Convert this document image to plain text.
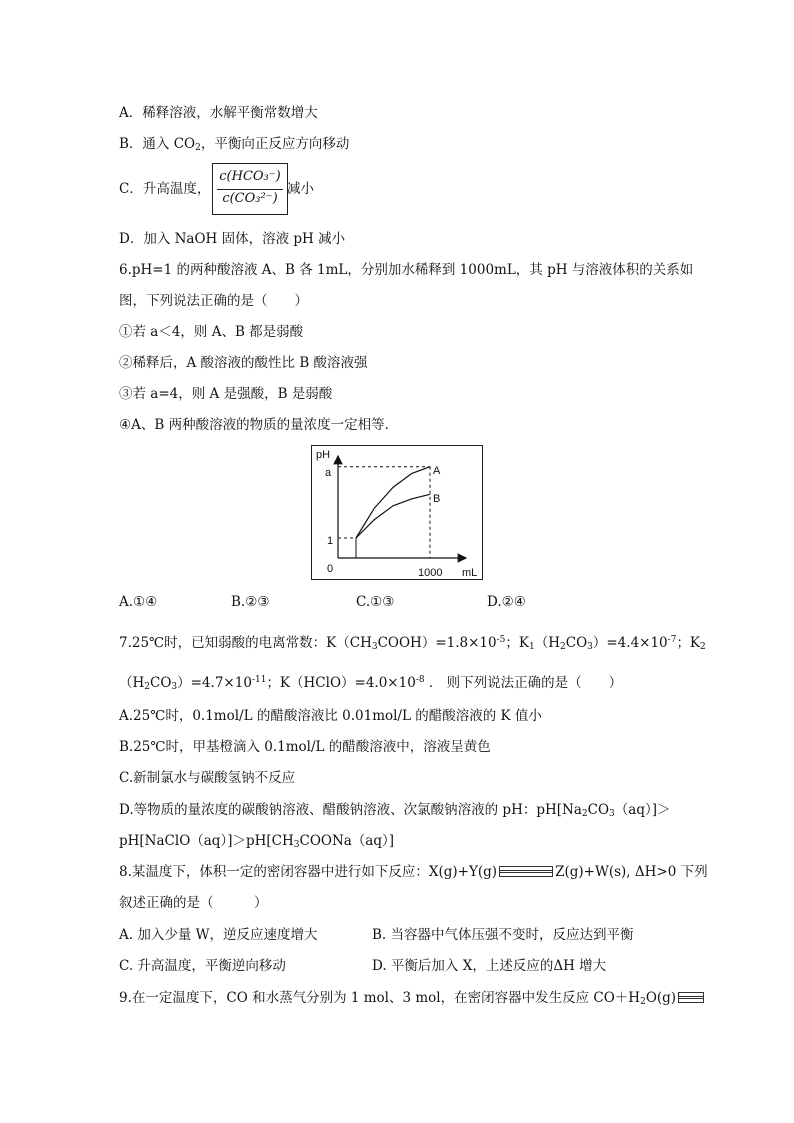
A．稀释溶液，水解平衡常数增大
B．通入 $CO_2$，平衡向正反应方向移动
C．升高温度，
c(HCO₃⁻)
c(CO₃²⁻)
减小
D．加入 NaOH 固体，溶液 pH 减小
6.pH=1 的两种酸溶液 A、B 各 1mL，分别加水稀释到 1000mL，其 pH 与溶液体积的关系如
图，下列说法正确的是（　　）
①若 a＜4，则 A、B 都是弱酸
②稀释后，A 酸溶液的酸性比 B 酸溶液强
③若 a=4，则 A 是强酸，B 是弱酸
④A、B 两种酸溶液的物质的量浓度一定相等．
pH
mL
0	1000
1
a	A
B
A.①④	B.②③	C.①③	D.②④
7.25℃时，已知弱酸的电离常数：$K(CH_3COOH)=1.8\times 10^{-5}$；$K_1(H_2CO_3)=4.4\times 10^{-7}$；$K_2$
$(H_2CO_3)=4.7\times 10^{-11}$；$K(HClO)=4.0\times 10^{-8}$ ． 则下列说法正确的是（　　）
A.25℃时，0.1mol/L 的醋酸溶液比 0.01mol/L 的醋酸溶液的 K 值小
B.25℃时，甲基橙滴入 0.1mol/L 的醋酸溶液中，溶液呈黄色
C.新制氯水与碳酸氢钠不反应
D.等物质的量浓度的碳酸钠溶液、醋酸钠溶液、次氯酸钠溶液的 pH：$pH[Na_2CO_3(aq)]>$
$pH[NaClO(aq)]>pH[CH_3COONa(aq)]$
8.某温度下，体积一定的密闭容器中进行如下反应：X(g)+Y(g)	Z(g)+W(s), ΔH>0 下列
叙述正确的是（　　　）
A. 加入少量 W，逆反应速度增大	B. 当容器中气体压强不变时，反应达到平衡
C. 升高温度，平衡逆向移动	D. 平衡后加入 X，上述反应的ΔH 增大
9.在一定温度下，CO 和水蒸气分别为 1 mol、3 mol，在密闭容器中发生反应 $CO+H_2O(g)$
